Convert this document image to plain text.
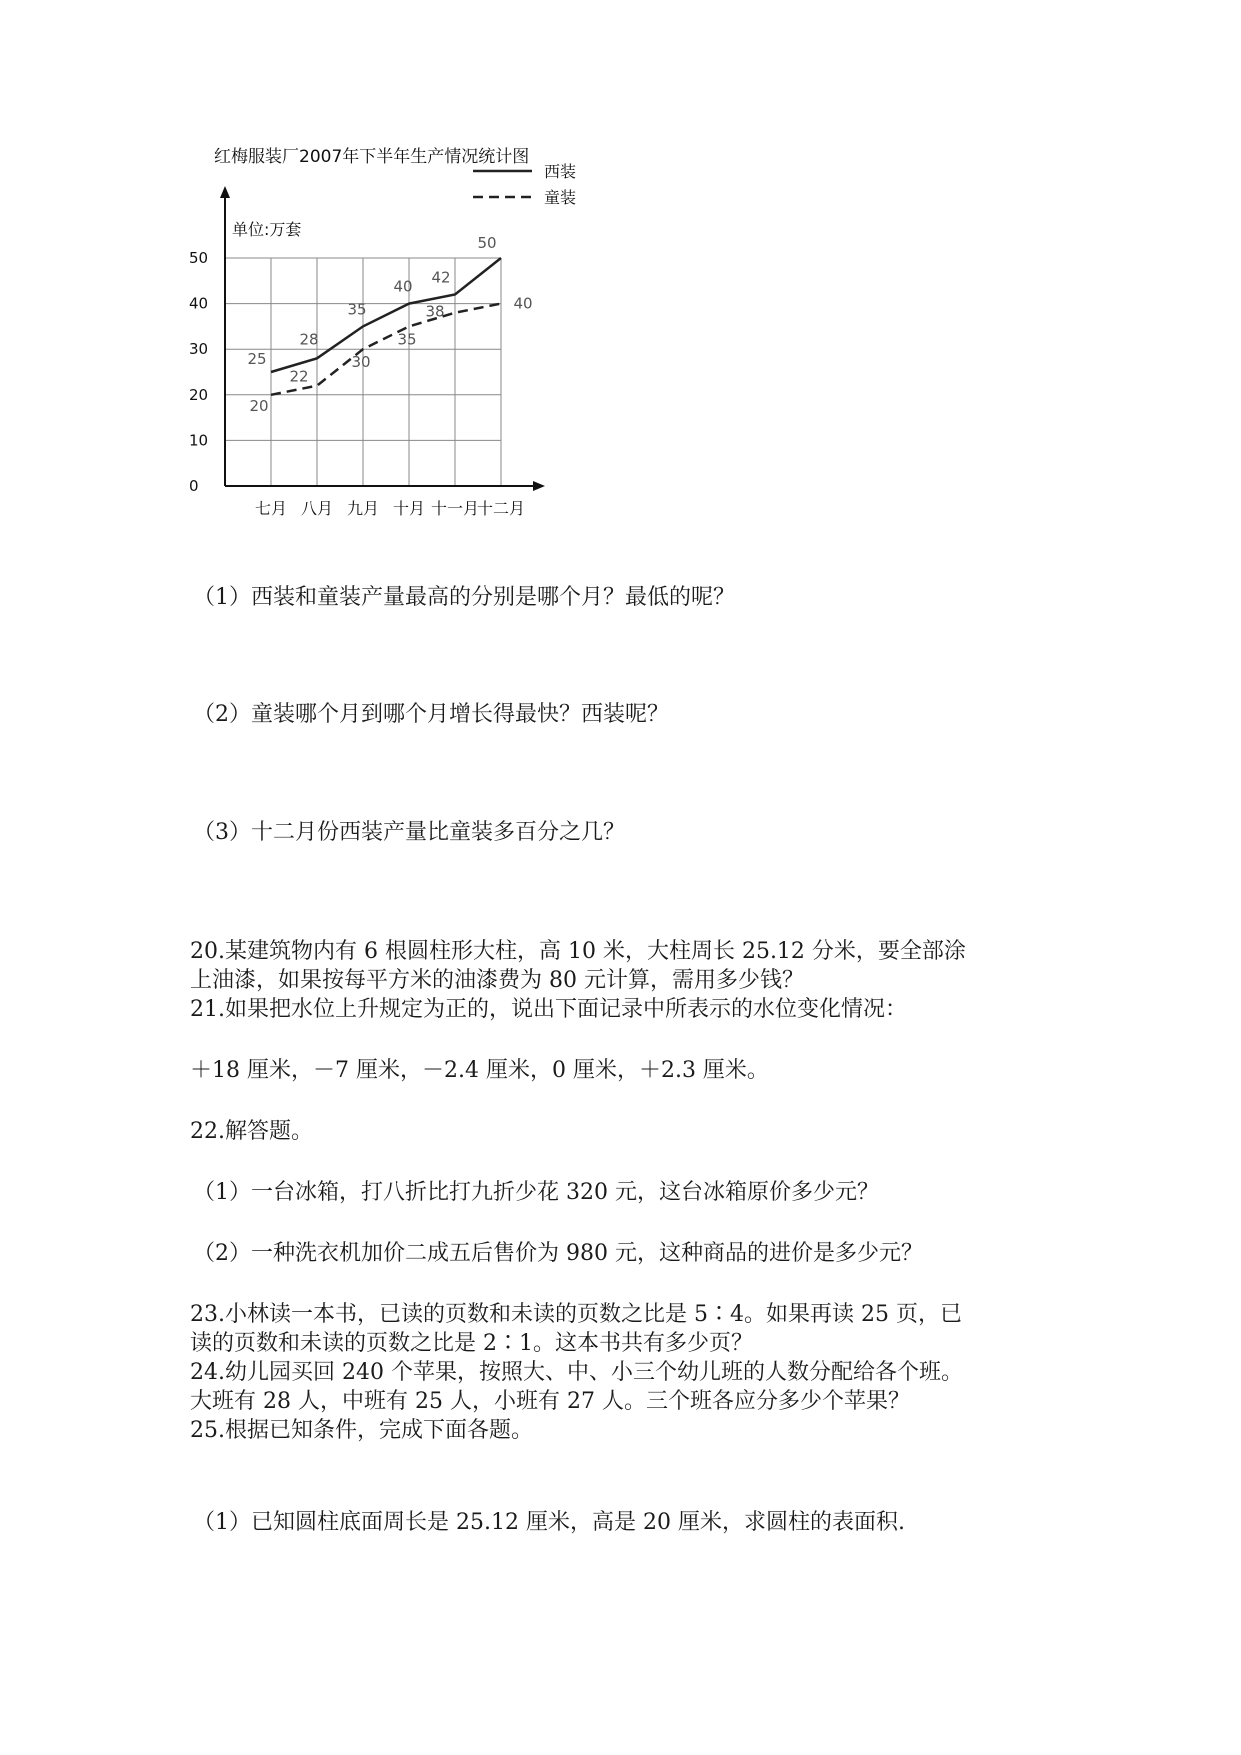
红梅服装厂2007年下半年生产情况统计图
单位:万套
西装
童装
0
10
20
30
40
50
七月 八月 九月 十月 十一月
十二月
25
28
35
40
42
50
20
22
30
35
38	40
（1）西装和童装产量最高的分别是哪个月？最低的呢？
（2）童装哪个月到哪个月增长得最快？西装呢？
（3）十二月份西装产量比童装多百分之几？
20.某建筑物内有 6 根圆柱形大柱，高 10 米，大柱周长 25.12 分米，要全部涂
上油漆，如果按每平方米的油漆费为 80 元计算，需用多少钱？
21.如果把水位上升规定为正的，说出下面记录中所表示的水位变化情况：
＋18 厘米，－7 厘米，－2.4 厘米，0 厘米，＋2.3 厘米。
22.解答题。
（1）一台冰箱，打八折比打九折少花 320 元，这台冰箱原价多少元？
（2）一种洗衣机加价二成五后售价为 980 元，这种商品的进价是多少元？
23.小林读一本书，已读的页数和未读的页数之比是 5∶4。如果再读 25 页，已
读的页数和未读的页数之比是 2∶1。这本书共有多少页？
24.幼儿园买回 240 个苹果，按照大、中、小三个幼儿班的人数分配给各个班。
大班有 28 人，中班有 25 人，小班有 27 人。三个班各应分多少个苹果？
25.根据已知条件，完成下面各题。
（1）已知圆柱底面周长是 25.12 厘米，高是 20 厘米，求圆柱的表面积.
